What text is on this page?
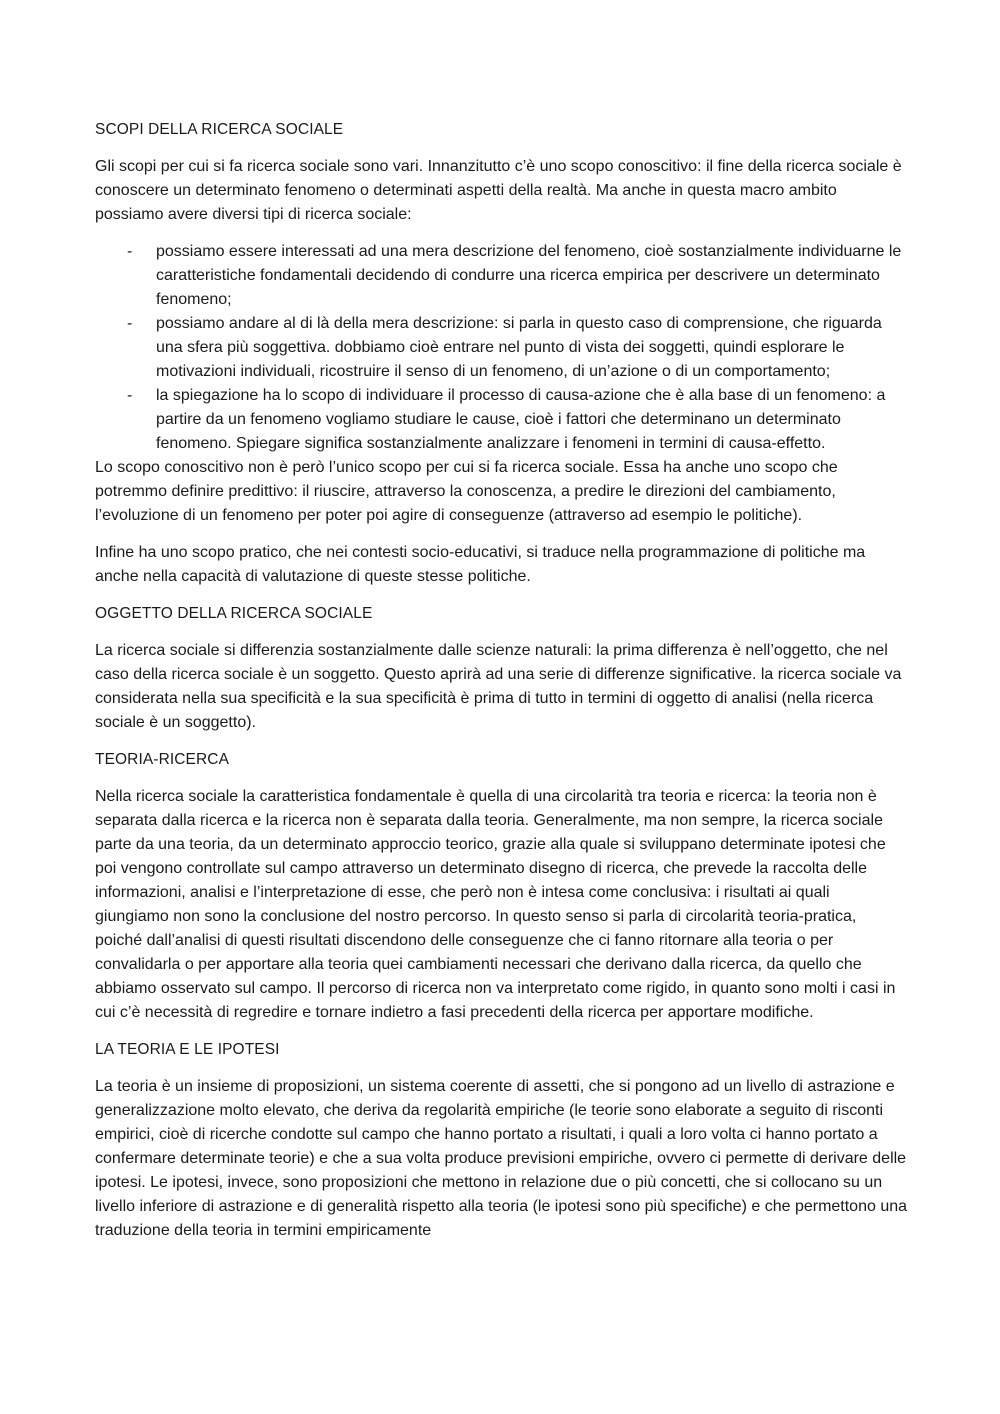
SCOPI DELLA RICERCA SOCIALE

Gli scopi per cui si fa ricerca sociale sono vari. Innanzitutto c’è uno scopo conoscitivo: il fine della ricerca sociale è conoscere un determinato fenomeno o determinati aspetti della realtà. Ma anche in questa macro ambito possiamo avere diversi tipi di ricerca sociale:

- possiamo essere interessati ad una mera descrizione del fenomeno, cioè sostanzialmente individuarne le caratteristiche fondamentali decidendo di condurre una ricerca empirica per descrivere un determinato fenomeno;
- possiamo andare al di là della mera descrizione: si parla in questo caso di comprensione, che riguarda una sfera più soggettiva. dobbiamo cioè entrare nel punto di vista dei soggetti, quindi esplorare le motivazioni individuali, ricostruire il senso di un fenomeno, di un’azione o di un comportamento;
- la spiegazione ha lo scopo di individuare il processo di causa-azione che è alla base di un fenomeno: a partire da un fenomeno vogliamo studiare le cause, cioè i fattori che determinano un determinato fenomeno. Spiegare significa sostanzialmente analizzare i fenomeni in termini di causa-effetto.

Lo scopo conoscitivo non è però l’unico scopo per cui si fa ricerca sociale. Essa ha anche uno scopo che potremmo definire predittivo: il riuscire, attraverso la conoscenza, a predire le direzioni del cambiamento, l’evoluzione di un fenomeno per poter poi agire di conseguenze (attraverso ad esempio le politiche).

Infine ha uno scopo pratico, che nei contesti socio-educativi, si traduce nella programmazione di politiche ma anche nella capacità di valutazione di queste stesse politiche.

OGGETTO DELLA RICERCA SOCIALE

La ricerca sociale si differenzia sostanzialmente dalle scienze naturali: la prima differenza è nell’oggetto, che nel caso della ricerca sociale è un soggetto. Questo aprirà ad una serie di differenze significative. la ricerca sociale va considerata nella sua specificità e la sua specificità è prima di tutto in termini di oggetto di analisi (nella ricerca sociale è un soggetto).

TEORIA-RICERCA

Nella ricerca sociale la caratteristica fondamentale è quella di una circolarità tra teoria e ricerca: la teoria non è separata dalla ricerca e la ricerca non è separata dalla teoria. Generalmente, ma non sempre, la ricerca sociale parte da una teoria, da un determinato approccio teorico, grazie alla quale si sviluppano determinate ipotesi che poi vengono controllate sul campo attraverso un determinato disegno di ricerca, che prevede la raccolta delle informazioni, analisi e l’interpretazione di esse, che però non è intesa come conclusiva: i risultati ai quali giungiamo non sono la conclusione del nostro percorso. In questo senso si parla di circolarità teoria-pratica, poiché dall’analisi di questi risultati discendono delle conseguenze che ci fanno ritornare alla teoria o per convalidarla o per apportare alla teoria quei cambiamenti necessari che derivano dalla ricerca, da quello che abbiamo osservato sul campo. Il percorso di ricerca non va interpretato come rigido, in quanto sono molti i casi in cui c’è necessità di regredire e tornare indietro a fasi precedenti della ricerca per apportare modifiche.

LA TEORIA E LE IPOTESI

La teoria è un insieme di proposizioni, un sistema coerente di assetti, che si pongono ad un livello di astrazione e generalizzazione molto elevato, che deriva da regolarità empiriche (le teorie sono elaborate a seguito di risconti empirici, cioè di ricerche condotte sul campo che hanno portato a risultati, i quali a loro volta ci hanno portato a confermare determinate teorie) e che a sua volta produce previsioni empiriche, ovvero ci permette di derivare delle ipotesi. Le ipotesi, invece, sono proposizioni che mettono in relazione due o più concetti, che si collocano su un livello inferiore di astrazione e di generalità rispetto alla teoria (le ipotesi sono più specifiche) e che permettono una traduzione della teoria in termini empiricamente
